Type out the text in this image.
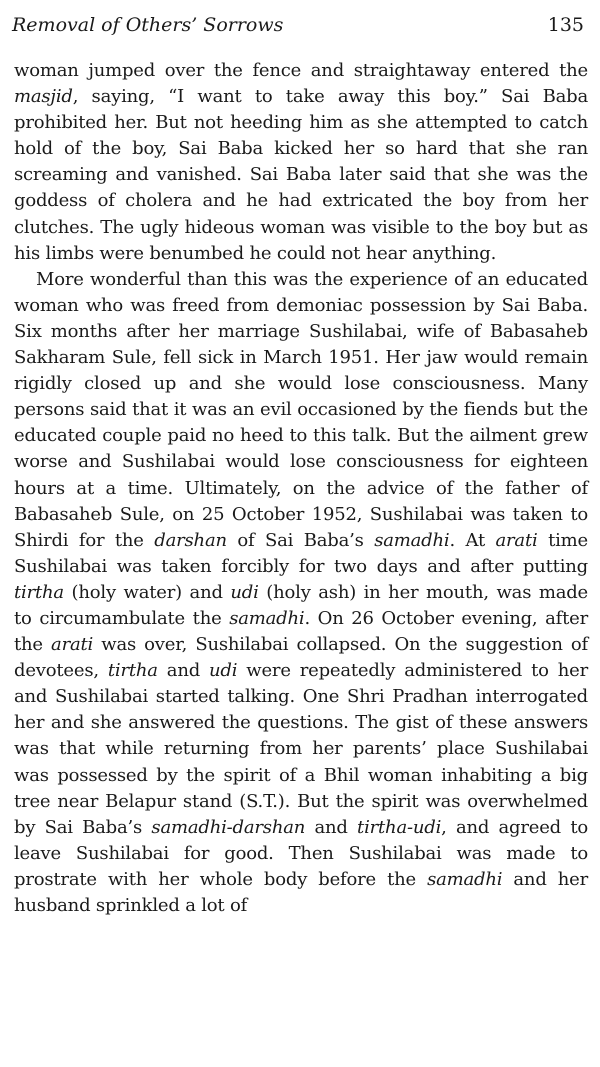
Removal of Others’ Sorrows	135

woman jumped over the fence and straightaway entered the masjid, saying, “I want to take away this boy.” Sai Baba prohibited her. But not heeding him as she attempted to catch hold of the boy, Sai Baba kicked her so hard that she ran screaming and vanished. Sai Baba later said that she was the goddess of cholera and he had extricated the boy from her clutches. The ugly hideous woman was visible to the boy but as his limbs were benumbed he could not hear anything.

More wonderful than this was the experience of an educated woman who was freed from demoniac possession by Sai Baba. Six months after her marriage Sushilabai, wife of Babasaheb Sakharam Sule, fell sick in March 1951. Her jaw would remain rigidly closed up and she would lose consciousness. Many persons said that it was an evil occasioned by the fiends but the educated couple paid no heed to this talk. But the ailment grew worse and Sushilabai would lose consciousness for eighteen hours at a time. Ultimately, on the advice of the father of Babasaheb Sule, on 25 October 1952, Sushilabai was taken to Shirdi for the darshan of Sai Baba’s samadhi. At arati time Sushilabai was taken forcibly for two days and after putting tirtha (holy water) and udi (holy ash) in her mouth, was made to circumambulate the samadhi. On 26 October evening, after the arati was over, Sushilabai collapsed. On the suggestion of devotees, tirtha and udi were repeatedly administered to her and Sushilabai started talking. One Shri Pradhan interrogated her and she answered the questions. The gist of these answers was that while returning from her parents’ place Sushilabai was possessed by the spirit of a Bhil woman inhabiting a big tree near Belapur stand (S.T.). But the spirit was overwhelmed by Sai Baba’s samadhi-darshan and tirtha-udi, and agreed to leave Sushilabai for good. Then Sushilabai was made to prostrate with her whole body before the samadhi and her husband sprinkled a lot of
